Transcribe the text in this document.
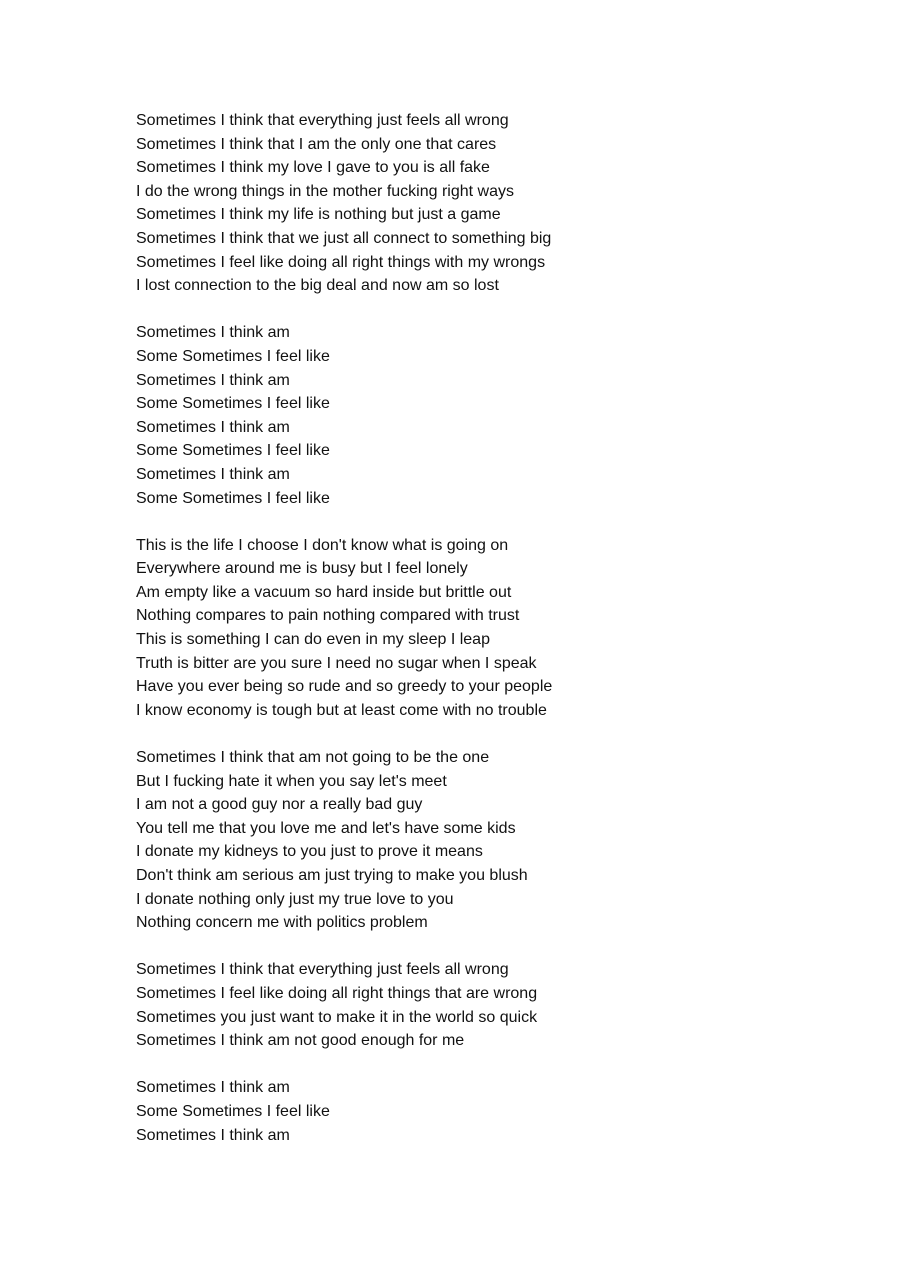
Sometimes I think that everything just feels all wrong
Sometimes I think that I am the only one that cares
Sometimes I think my love I gave to you is all fake
I do the wrong things in the mother fucking right ways
Sometimes I think my life is nothing but just a game
Sometimes I think that we just all connect to something big
Sometimes I feel like doing all right things with my wrongs
I lost connection to the big deal and now am so lost
Sometimes I think am
Some Sometimes I feel like
Sometimes I think am
Some Sometimes I feel like
Sometimes I think am
Some Sometimes I feel like
Sometimes I think am
Some Sometimes I feel like
This is the life I choose I don't know what is going on
Everywhere around me is busy but I feel lonely
Am empty like a vacuum so hard inside but brittle out
Nothing compares to pain nothing compared with trust
This is something I can do even in my sleep I leap
Truth is bitter are you sure I need no sugar when I speak
Have you ever being so rude and so greedy to your people
I know economy is tough but at least come with no trouble
Sometimes I think that am not going to be the one
But I fucking hate it when you say let's meet
I am not a good guy nor a really bad guy
You tell me that you love me and let's have some kids
I donate my kidneys to you just to prove it means
Don't think am serious am just trying to make you blush
I donate nothing only just my true love to you
Nothing concern me with politics problem
Sometimes I think that everything just feels all wrong
Sometimes I feel like doing all right things that are wrong
Sometimes you just want to make it in the world so quick
Sometimes I think am not good enough for me
Sometimes I think am
Some Sometimes I feel like
Sometimes I think am
